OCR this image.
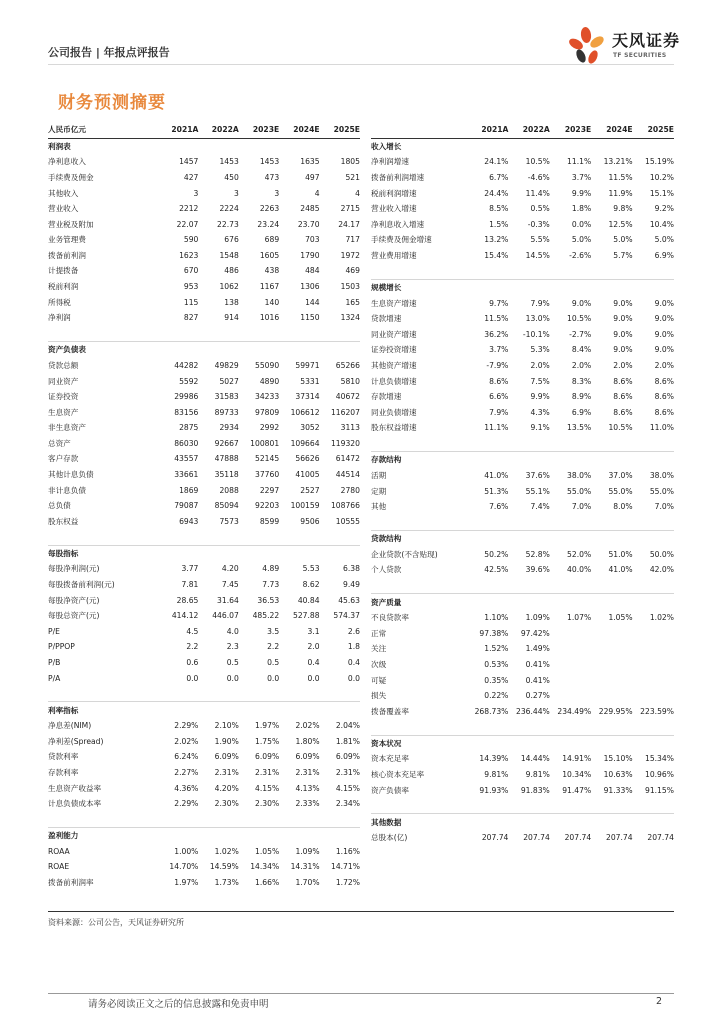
公司报告 | 年报点评报告
天风证券
TF SECURITIES
财务预测摘要
人民币亿元	2021A	2022A	2023E	2024E	2025E
利润表
净利息收入	1457	1453	1453	1635	1805
手续费及佣金	427	450	473	497	521
其他收入	3	3	3	4	4
营业收入	2212	2224	2263	2485	2715
营业税及附加	22.07	22.73	23.24	23.70	24.17
业务管理费	590	676	689	703	717
拨备前利润	1623	1548	1605	1790	1972
计提拨备	670	486	438	484	469
税前利润	953	1062	1167	1306	1503
所得税	115	138	140	144	165
净利润	827	914	1016	1150	1324
资产负债表
贷款总额	44282	49829	55090	59971	65266
同业资产	5592	5027	4890	5331	5810
证券投资	29986	31583	34233	37314	40672
生息资产	83156	89733	97809	106612	116207
非生息资产	2875	2934	2992	3052	3113
总资产	86030	92667	100801	109664	119320
客户存款	43557	47888	52145	56626	61472
其他计息负债	33661	35118	37760	41005	44514
非计息负债	1869	2088	2297	2527	2780
总负债	79087	85094	92203	100159	108766
股东权益	6943	7573	8599	9506	10555
每股指标
每股净利润(元)	3.77	4.20	4.89	5.53	6.38
每股拨备前利润(元)	7.81	7.45	7.73	8.62	9.49
每股净资产(元)	28.65	31.64	36.53	40.84	45.63
每股总资产(元)	414.12	446.07	485.22	527.88	574.37
P/E	4.5	4.0	3.5	3.1	2.6
P/PPOP	2.2	2.3	2.2	2.0	1.8
P/B	0.6	0.5	0.5	0.4	0.4
P/A	0.0	0.0	0.0	0.0	0.0
利率指标
净息差(NIM)	2.29%	2.10%	1.97%	2.02%	2.04%
净利差(Spread)	2.02%	1.90%	1.75%	1.80%	1.81%
贷款利率	6.24%	6.09%	6.09%	6.09%	6.09%
存款利率	2.27%	2.31%	2.31%	2.31%	2.31%
生息资产收益率	4.36%	4.20%	4.15%	4.13%	4.15%
计息负债成本率	2.29%	2.30%	2.30%	2.33%	2.34%
盈利能力
ROAA	1.00%	1.02%	1.05%	1.09%	1.16%
ROAE	14.70%	14.59%	14.34%	14.31%	14.71%
拨备前利润率	1.97%	1.73%	1.66%	1.70%	1.72%
2021A	2022A	2023E	2024E	2025E
收入增长
净利润增速	24.1%	10.5%	11.1%	13.21%	15.19%
拨备前利润增速	6.7%	-4.6%	3.7%	11.5%	10.2%
税前利润增速	24.4%	11.4%	9.9%	11.9%	15.1%
营业收入增速	8.5%	0.5%	1.8%	9.8%	9.2%
净利息收入增速	1.5%	-0.3%	0.0%	12.5%	10.4%
手续费及佣金增速	13.2%	5.5%	5.0%	5.0%	5.0%
营业费用增速	15.4%	14.5%	-2.6%	5.7%	6.9%
规模增长
生息资产增速	9.7%	7.9%	9.0%	9.0%	9.0%
贷款增速	11.5%	13.0%	10.5%	9.0%	9.0%
同业资产增速	36.2%	-10.1%	-2.7%	9.0%	9.0%
证券投资增速	3.7%	5.3%	8.4%	9.0%	9.0%
其他资产增速	-7.9%	2.0%	2.0%	2.0%	2.0%
计息负债增速	8.6%	7.5%	8.3%	8.6%	8.6%
存款增速	6.6%	9.9%	8.9%	8.6%	8.6%
同业负债增速	7.9%	4.3%	6.9%	8.6%	8.6%
股东权益增速	11.1%	9.1%	13.5%	10.5%	11.0%
存款结构
活期	41.0%	37.6%	38.0%	37.0%	38.0%
定期	51.3%	55.1%	55.0%	55.0%	55.0%
其他	7.6%	7.4%	7.0%	8.0%	7.0%
贷款结构
企业贷款(不含贴现)	50.2%	52.8%	52.0%	51.0%	50.0%
个人贷款	42.5%	39.6%	40.0%	41.0%	42.0%
资产质量
不良贷款率	1.10%	1.09%	1.07%	1.05%	1.02%
正常	97.38%	97.42%
关注	1.52%	1.49%
次级	0.53%	0.41%
可疑	0.35%	0.41%
损失	0.22%	0.27%
拨备覆盖率	268.73% 236.44% 234.49% 229.95% 223.59%
资本状况
资本充足率	14.39%	14.44%	14.91%	15.10%	15.34%
核心资本充足率	9.81%	9.81%	10.34%	10.63%	10.96%
资产负债率	91.93%	91.83%	91.47%	91.33%	91.15%
其他数据
总股本(亿)	207.74	207.74	207.74	207.74	207.74
资料来源：公司公告，天风证券研究所
请务必阅读正文之后的信息披露和免责申明	2
